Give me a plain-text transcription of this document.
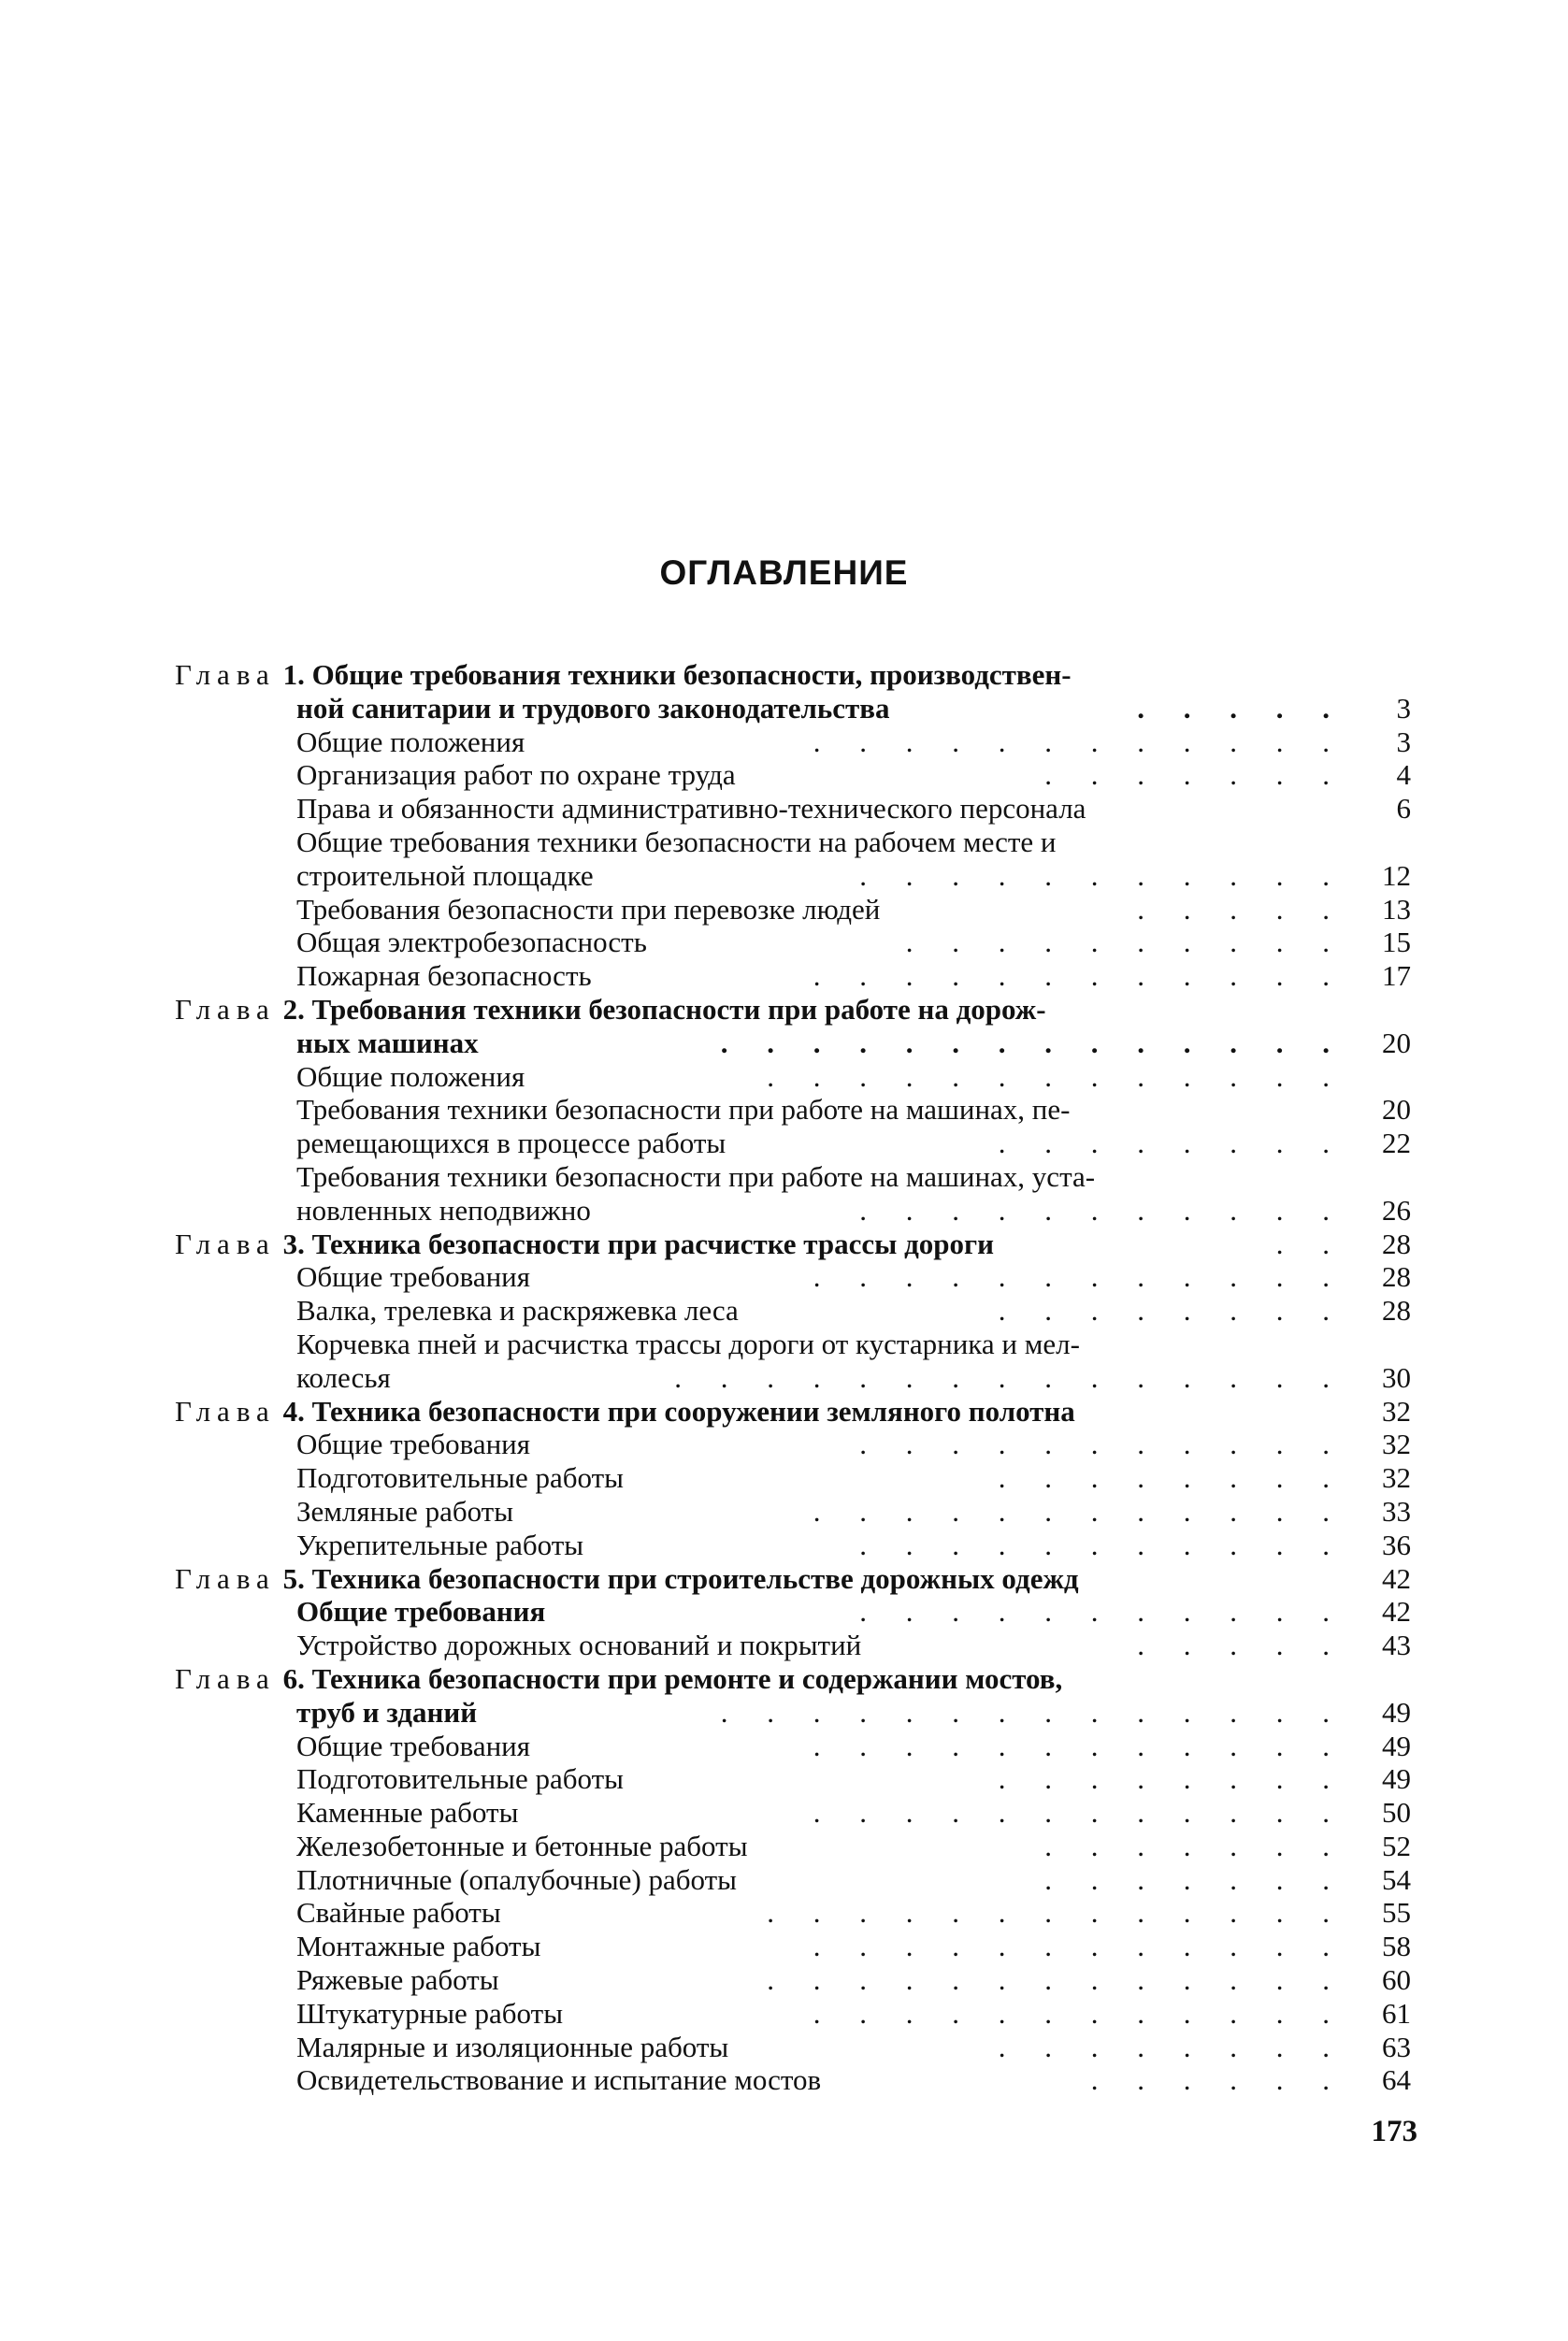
ОГЛАВЛЕНИЕ
Глава 1. Общие требования техники безопасности, производствен-
ной санитарии и трудового законодательства	. . . . .	3
Общие положения	. . . . . . . . . . . .	3
Организация работ по охране труда	. . . . . . .	4
Права и обязанности административно-технического персонала	6
Общие требования техники безопасности на рабочем месте и
строительной площадке	. . . . . . . . . . .	12
Требования безопасности при перевозке людей	. . . . .	13
Общая электробезопасность	. . . . . . . . . .	15
Пожарная безопасность	. . . . . . . . . . . .	17
Глава 2. Требования техники безопасности при работе на дорож-
ных машинах	. . . . . . . . . . . . . .	20
Общие положения	. . . . . . . . . . . . .
Требования техники безопасности при работе на машинах, пе-	20
ремещающихся в процессе работы	. . . . . . . .	22
Требования техники безопасности при работе на машинах, уста-
новленных неподвижно	. . . . . . . . . . .	26
Глава 3. Техника безопасности при расчистке трассы дороги	. .	28
Общие требования	. . . . . . . . . . . .	28
Валка, трелевка и раскряжевка леса	. . . . . . . .	28
Корчевка пней и расчистка трассы дороги от кустарника и мел-
колесья	. . . . . . . . . . . . . . .	30
Глава 4. Техника безопасности при сооружении земляного полотна	32
Общие требования	. . . . . . . . . . .	32
Подготовительные работы	. . . . . . . .	32
Земляные работы	. . . . . . . . . . . .	33
Укрепительные работы	. . . . . . . . . . .	36
Глава 5. Техника безопасности при строительстве дорожных одежд	42
Общие требования	. . . . . . . . . . .	42
Устройство дорожных оснований и покрытий	. . . . .	43
Глава 6. Техника безопасности при ремонте и содержании мостов,
труб и зданий	. . . . . . . . . . . . . .	49
Общие требования	. . . . . . . . . . . .	49
Подготовительные работы	. . . . . . . .	49
Каменные работы	. . . . . . . . . . . .	50
Железобетонные и бетонные работы	. . . . . . .	52
Плотничные (опалубочные) работы	. . . . . . .	54
Свайные работы	. . . . . . . . . . . . .	55
Монтажные работы	. . . . . . . . . . . .	58
Ряжевые работы	. . . . . . . . . . . . .	60
Штукатурные работы	. . . . . . . . . . . .	61
Малярные и изоляционные работы	. . . . . . . .	63
Освидетельствование и испытание мостов	. . . . . .	64
173
